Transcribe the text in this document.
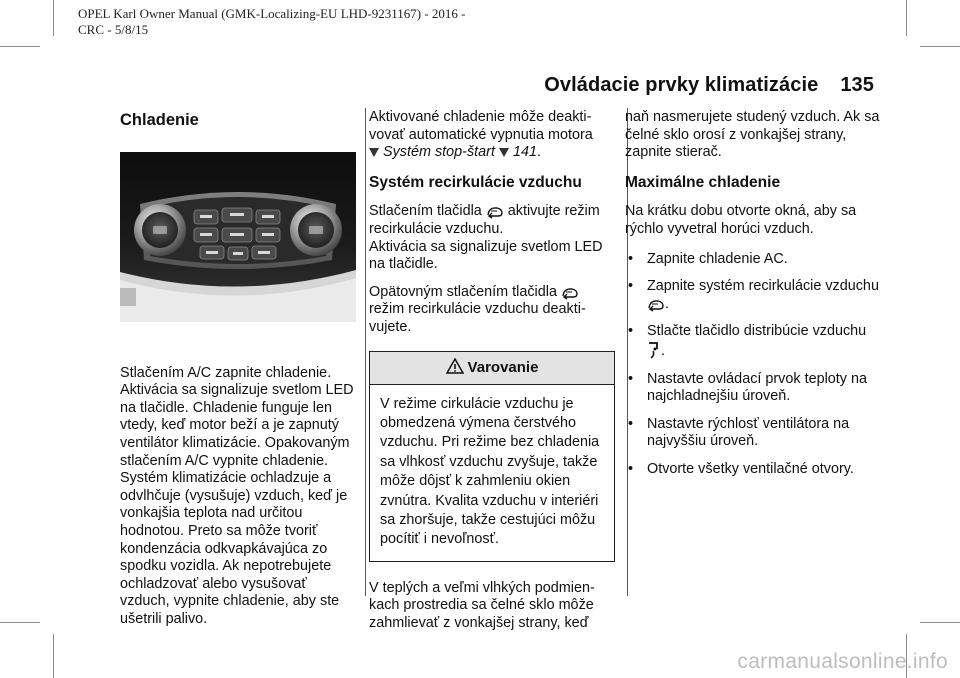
OPEL Karl Owner Manual (GMK-Localizing-EU LHD-9231167) - 2016 -
CRC - 5/8/15
Ovládacie prvky klimatizácie 135
Chladenie

Stlačením A/C zapnite chladenie. Aktivácia sa signalizuje svetlom LED na tlačidle. Chladenie funguje len vtedy, keď motor beží a je zapnutý ventilátor klimatizácie. Opakovaným stlačením A/C vypnite chladenie. Systém klimatizácie ochladzuje a odvlhčuje (vysušuje) vzduch, keď je vonkajšia teplota nad určitou hodnotou. Preto sa môže tvoriť kondenzácia odkvapkávajúca zo spodku vozidla. Ak nepotrebujete ochladzovať alebo vysušovať vzduch, vypnite chladenie, aby ste ušetrili palivo.

Aktivované chladenie môže deakti-vovať automatické vypnutia motora
Systém stop-štart 141.

Systém recirkulácie vzduchu

Stlačením tlačidla aktivujte režim recirkulácie vzduchu.

Aktivácia sa signalizuje svetlom LED na tlačidle.

Opätovným stlačením tlačidla  režim recirkulácie vzduchu deakti-vujete.

Varovanie
V režime cirkulácie vzduchu je obmedzená výmena čerstvého vzduchu. Pri režime bez chladenia sa vlhkosť vzduchu zvyšuje, takže môže dôjsť k zahmleniu okien zvnútra. Kvalita vzduchu v interiéri sa zhoršuje, takže cestujúci môžu pocítiť i nevoľnosť.

V teplých a veľmi vlhkých podmien-kach prostredia sa čelné sklo môže zahmlievať z vonkajšej strany, keď

naň nasmerujete studený vzduch. Ak sa čelné sklo orosí z vonkajšej strany, zapnite stierač.

Maximálne chladenie

Na krátku dobu otvorte okná, aby sa rýchlo vyvetral horúci vzduch.

• Zapnite chladenie AC.
• Zapnite systém recirkulácie vzduchu .
• Stlačte tlačidlo distribúcie vzduchu .
• Nastavte ovládací prvok teploty na najchladnejšiu úroveň.
• Nastavte rýchlosť ventilátora na najvyššiu úroveň.
• Otvorte všetky ventilačné otvory.
carmanualsonline.info
